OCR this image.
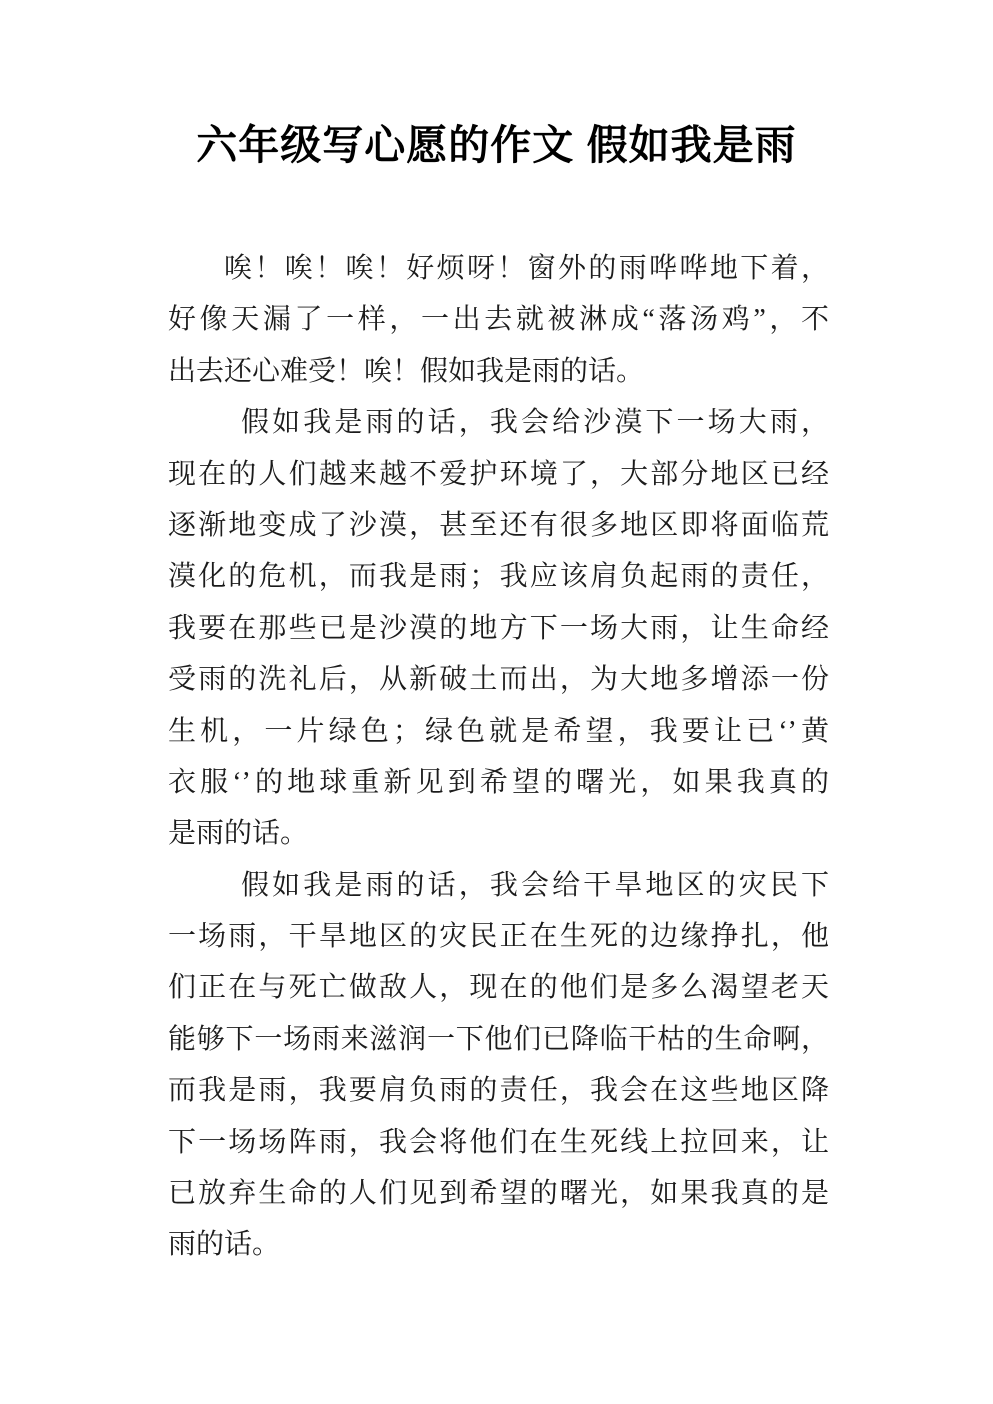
六年级写心愿的作文 假如我是雨
唉！唉！唉！好烦呀！窗外的雨哗哗地下着，
好像天漏了一样，一出去就被淋成“落汤鸡”，不
出去还心难受！唉！假如我是雨的话。
假如我是雨的话，我会给沙漠下一场大雨，
现在的人们越来越不爱护环境了，大部分地区已经
逐渐地变成了沙漠，甚至还有很多地区即将面临荒
漠化的危机，而我是雨；我应该肩负起雨的责任，
我要在那些已是沙漠的地方下一场大雨，让生命经
受雨的洗礼后，从新破土而出，为大地多增添一份
生机，一片绿色；绿色就是希望，我要让已‘’黄
衣服‘’的地球重新见到希望的曙光，如果我真的
是雨的话。
假如我是雨的话，我会给干旱地区的灾民下
一场雨，干旱地区的灾民正在生死的边缘挣扎，他
们正在与死亡做敌人，现在的他们是多么渴望老天
能够下一场雨来滋润一下他们已降临干枯的生命啊，
而我是雨，我要肩负雨的责任，我会在这些地区降
下一场场阵雨，我会将他们在生死线上拉回来，让
已放弃生命的人们见到希望的曙光，如果我真的是
雨的话。
